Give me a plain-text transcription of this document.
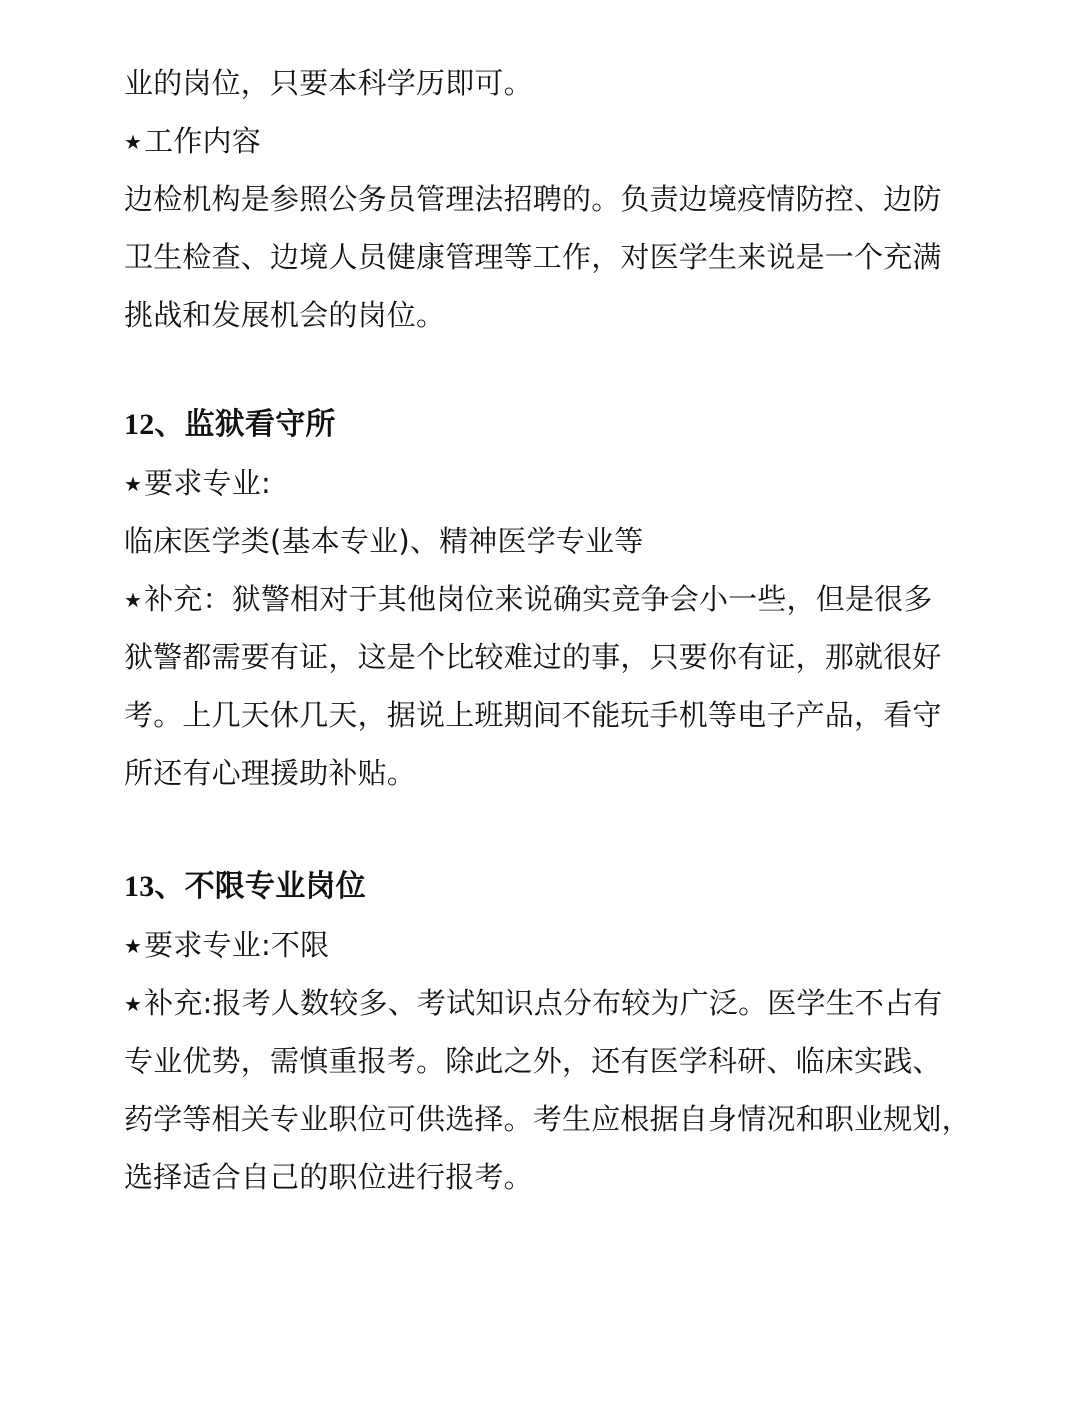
业的岗位，只要本科学历即可。
★工作内容
边检机构是参照公务员管理法招聘的。负责边境疫情防控、边防
卫生检查、边境人员健康管理等工作，对医学生来说是一个充满
挑战和发展机会的岗位。
12、监狱看守所
★要求专业:
临床医学类(基本专业)、精神医学专业等
★补充：狱警相对于其他岗位来说确实竞争会小一些，但是很多
狱警都需要有证，这是个比较难过的事，只要你有证，那就很好
考。上几天休几天，据说上班期间不能玩手机等电子产品，看守
所还有心理援助补贴。
13、不限专业岗位
★要求专业:不限
★补充:报考人数较多、考试知识点分布较为广泛。医学生不占有
专业优势，需慎重报考。除此之外，还有医学科研、临床实践、
药学等相关专业职位可供选择。考生应根据自身情况和职业规划，
选择适合自己的职位进行报考。
